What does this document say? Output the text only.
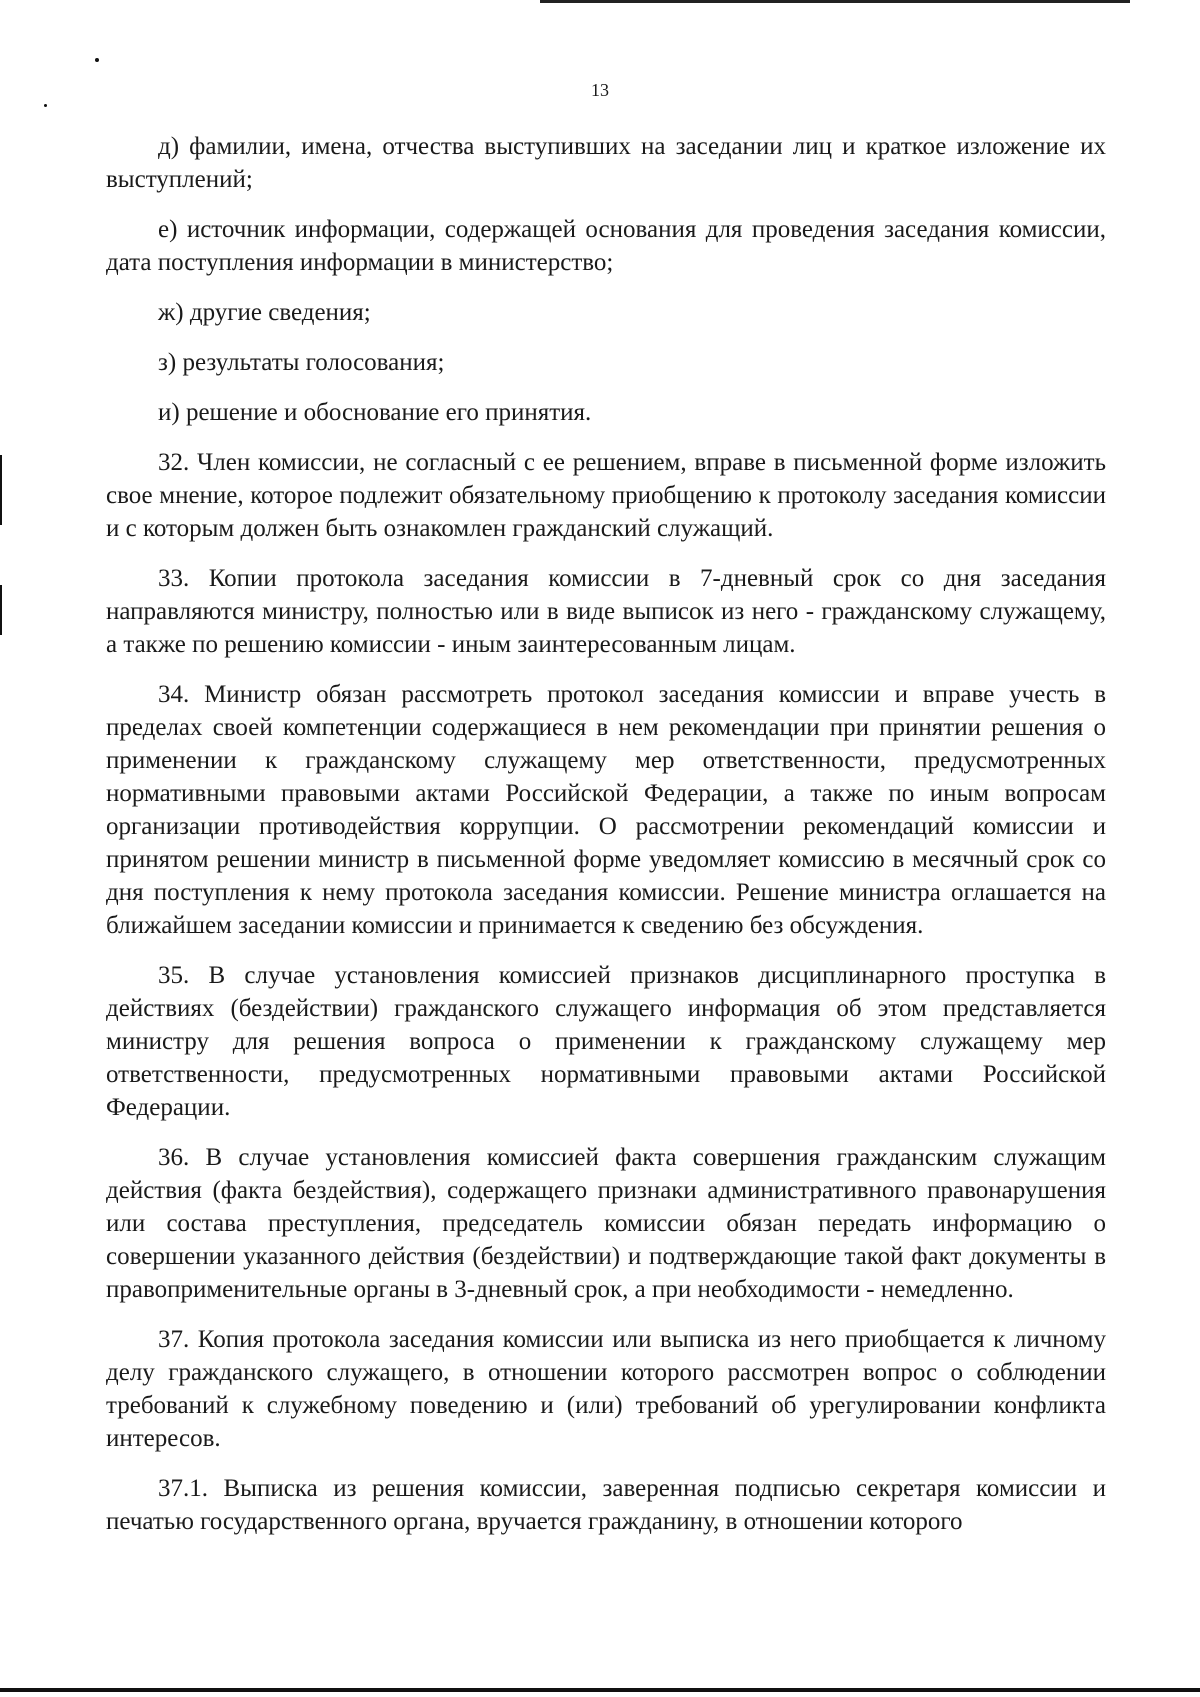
13

д) фамилии, имена, отчества выступивших на заседании лиц и краткое изложение их выступлений;

е) источник информации, содержащей основания для проведения заседания комиссии, дата поступления информации в министерство;

ж) другие сведения;

з) результаты голосования;

и) решение и обоснование его принятия.

32. Член комиссии, не согласный с ее решением, вправе в письменной форме изложить свое мнение, которое подлежит обязательному приобщению к протоколу заседания комиссии и с которым должен быть ознакомлен гражданский служащий.

33. Копии протокола заседания комиссии в 7-дневный срок со дня заседания направляются министру, полностью или в виде выписок из него - гражданскому служащему, а также по решению комиссии - иным заинтересованным лицам.

34. Министр обязан рассмотреть протокол заседания комиссии и вправе учесть в пределах своей компетенции содержащиеся в нем рекомендации при принятии решения о применении к гражданскому служащему мер ответственности, предусмотренных нормативными правовыми актами Российской Федерации, а также по иным вопросам организации противодействия коррупции. О рассмотрении рекомендаций комиссии и принятом решении министр в письменной форме уведомляет комиссию в месячный срок со дня поступления к нему протокола заседания комиссии. Решение министра оглашается на ближайшем заседании комиссии и принимается к сведению без обсуждения.

35. В случае установления комиссией признаков дисциплинарного проступка в действиях (бездействии) гражданского служащего информация об этом представляется министру для решения вопроса о применении к гражданскому служащему мер ответственности, предусмотренных нормативными правовыми актами Российской Федерации.

36. В случае установления комиссией факта совершения гражданским служащим действия (факта бездействия), содержащего признаки административного правонарушения или состава преступления, председатель комиссии обязан передать информацию о совершении указанного действия (бездействии) и подтверждающие такой факт документы в правоприменительные органы в 3-дневный срок, а при необходимости - немедленно.

37. Копия протокола заседания комиссии или выписка из него приобщается к личному делу гражданского служащего, в отношении которого рассмотрен вопрос о соблюдении требований к служебному поведению и (или) требований об урегулировании конфликта интересов.

37.1. Выписка из решения комиссии, заверенная подписью секретаря комиссии и печатью государственного органа, вручается гражданину, в отношении которого
